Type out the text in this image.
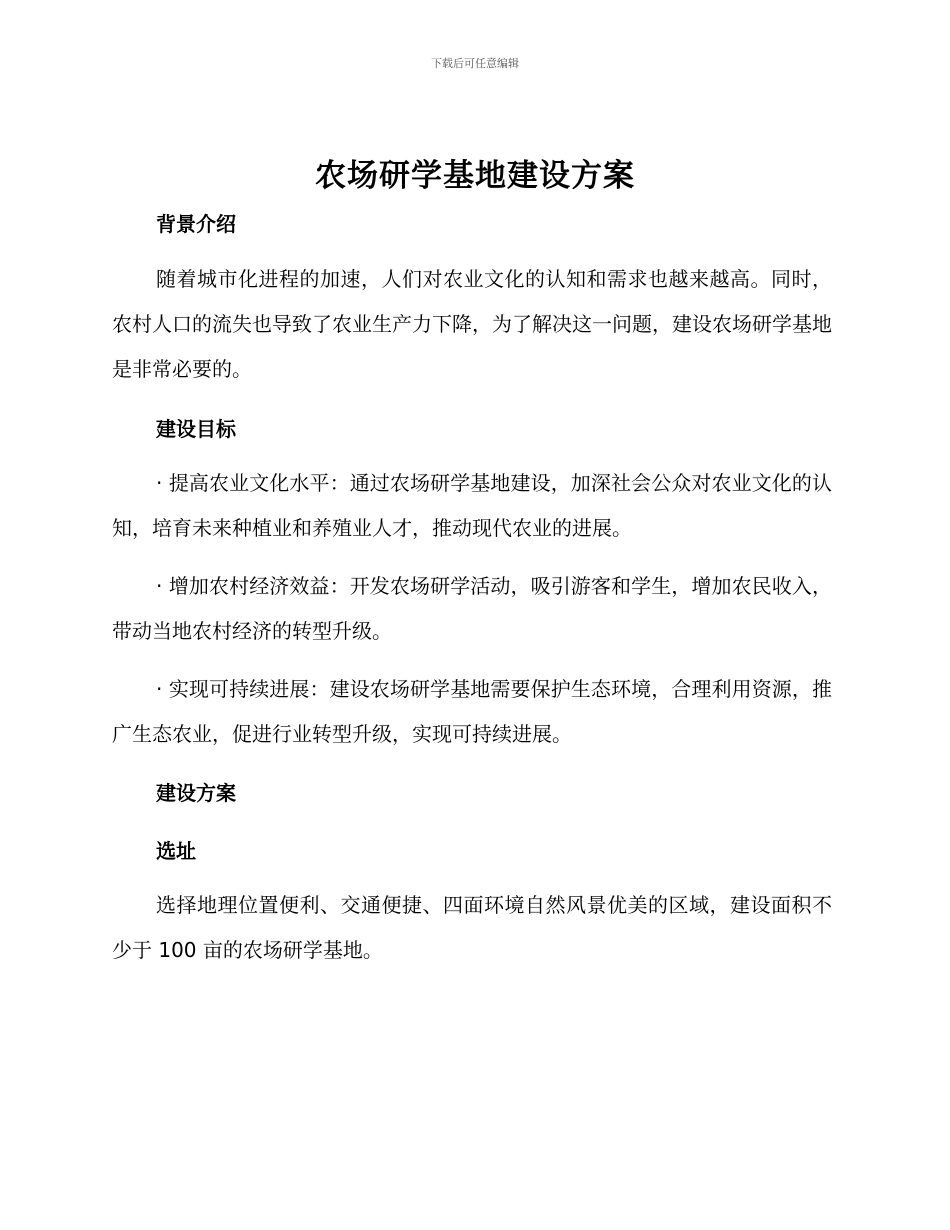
下载后可任意编辑
农场研学基地建设方案
背景介绍

随着城市化进程的加速，人们对农业文化的认知和需求也越来越高。同时，农村人口的流失也导致了农业生产力下降，为了解决这一问题，建设农场研学基地是非常必要的。

建设目标

· 提高农业文化水平：通过农场研学基地建设，加深社会公众对农业文化的认知，培育未来种植业和养殖业人才，推动现代农业的进展。

· 增加农村经济效益：开发农场研学活动，吸引游客和学生，增加农民收入，带动当地农村经济的转型升级。

· 实现可持续进展：建设农场研学基地需要保护生态环境，合理利用资源，推广生态农业，促进行业转型升级，实现可持续进展。

建设方案
选址

选择地理位置便利、交通便捷、四面环境自然风景优美的区域，建设面积不少于 100 亩的农场研学基地。
